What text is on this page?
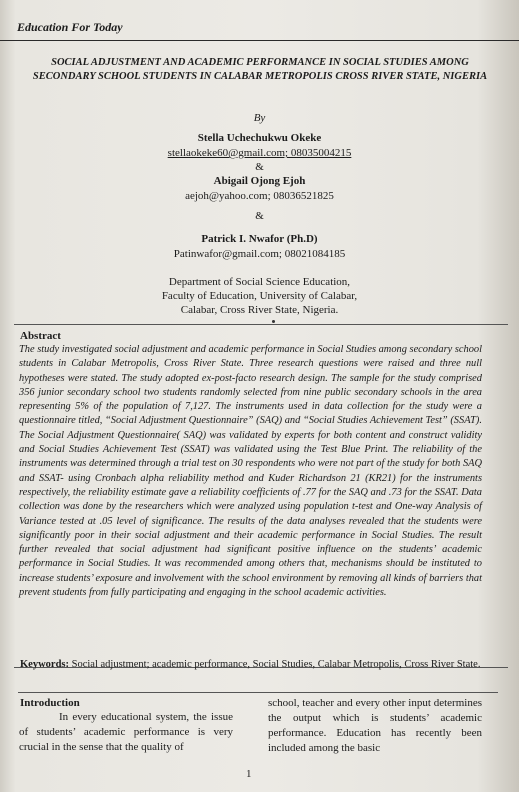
Education For Today
SOCIAL ADJUSTMENT AND ACADEMIC PERFORMANCE IN SOCIAL STUDIES AMONG SECONDARY SCHOOL STUDENTS IN CALABAR METROPOLIS CROSS RIVER STATE, NIGERIA
By
Stella Uchechukwu Okeke
stellaokeke60@gmail.com; 08035004215
&
Abigail Ojong Ejoh
aejoh@yahoo.com; 08036521825
&
Patrick I. Nwafor (Ph.D)
Patinwafor@gmail.com; 08021084185
Department of Social Science Education,
Faculty of Education, University of Calabar,
Calabar, Cross River State, Nigeria.
Abstract
The study investigated social adjustment and academic performance in Social Studies among secondary school students in Calabar Metropolis, Cross River State. Three research questions were raised and three null hypotheses were stated. The study adopted ex-post-facto research design. The sample for the study comprised 356 junior secondary school two students randomly selected from nine public secondary schools in the area representing 5% of the population of 7,127. The instruments used in data collection for the study were a questionnaire titled, “Social Adjustment Questionnaire” (SAQ) and “Social Studies Achievement Test” (SSAT). The Social Adjustment Questionnaire( SAQ) was validated by experts for both content and construct validity and Social Studies Achievement Test (SSAT) was validated using the Test Blue Print. The reliability of the instruments was determined through a trial test on 30 respondents who were not part of the study for both SAQ and SSAT- using Cronbach alpha reliability method and Kuder Richardson 21 (KR21) for the instruments respectively, the reliability estimate gave a reliability coefficients of .77 for the SAQ and .73 for the SSAT. Data collection was done by the researchers which were analyzed using population t-test and One-way Analysis of Variance tested at .05 level of significance. The results of the data analyses revealed that the students were significantly poor in their social adjustment and their academic performance in Social Studies. The result further revealed that social adjustment had significant positive influence on the students’ academic performance in Social Studies. It was recommended among others that, mechanisms should be instituted to increase students’ exposure and involvement with the school environment by removing all kinds of barriers that prevent students from fully participating and engaging in the school academic activities.
Keywords: Social adjustment; academic performance, Social Studies, Calabar Metropolis, Cross River State.
Introduction
In every educational system, the issue of students’ academic performance is very crucial in the sense that the quality of
school, teacher and every other input determines the output which is students’ academic performance. Education has recently been included among the basic
1
